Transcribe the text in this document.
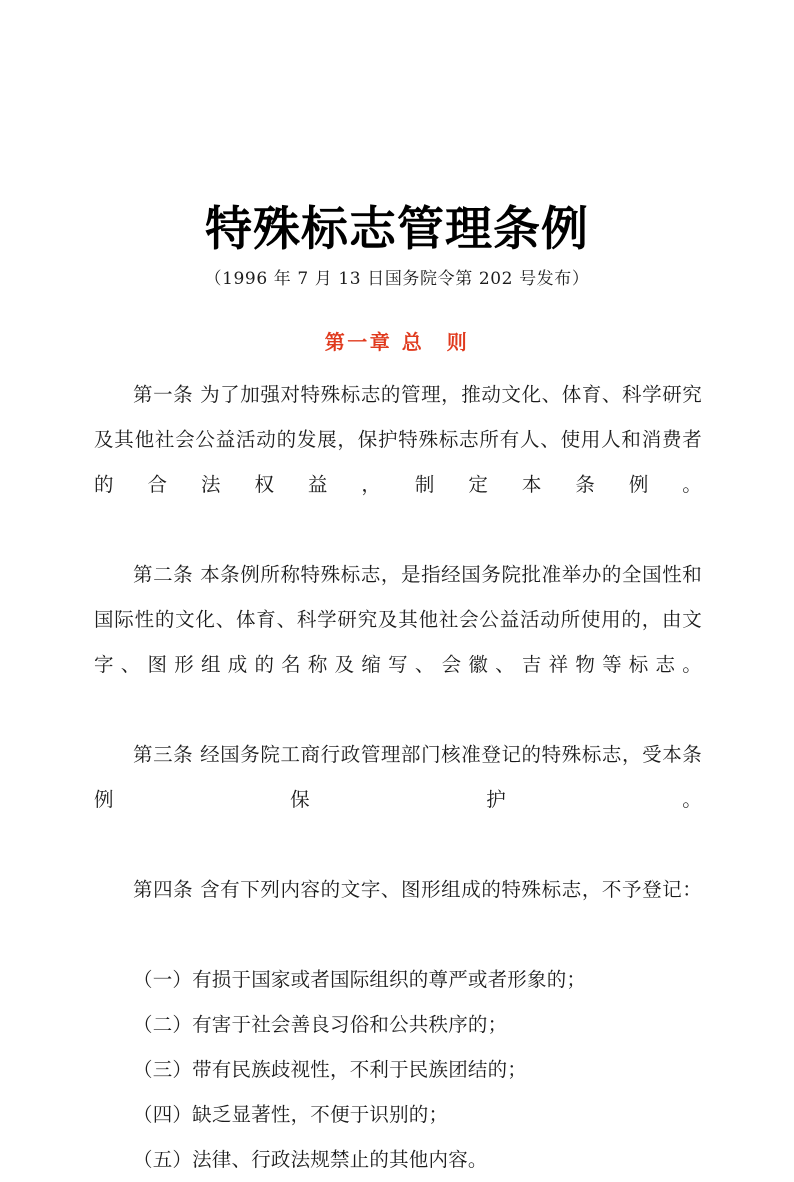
特殊标志管理条例
（1996 年 7 月 13 日国务院令第 202 号发布）
第一章 总　则

第一条 为了加强对特殊标志的管理，推动文化、体育、科学研究及其他社会公益活动的发展，保护特殊标志所有人、使用人和消费者的合法权益，制定本条例。

第二条 本条例所称特殊标志，是指经国务院批准举办的全国性和国际性的文化、体育、科学研究及其他社会公益活动所使用的，由文字、图形组成的名称及缩写、会徽、吉祥物等标志。

第三条 经国务院工商行政管理部门核准登记的特殊标志，受本条例保护。

第四条 含有下列内容的文字、图形组成的特殊标志，不予登记：

（一）有损于国家或者国际组织的尊严或者形象的；

（二）有害于社会善良习俗和公共秩序的；

（三）带有民族歧视性，不利于民族团结的；

（四）缺乏显著性，不便于识别的；

（五）法律、行政法规禁止的其他内容。
